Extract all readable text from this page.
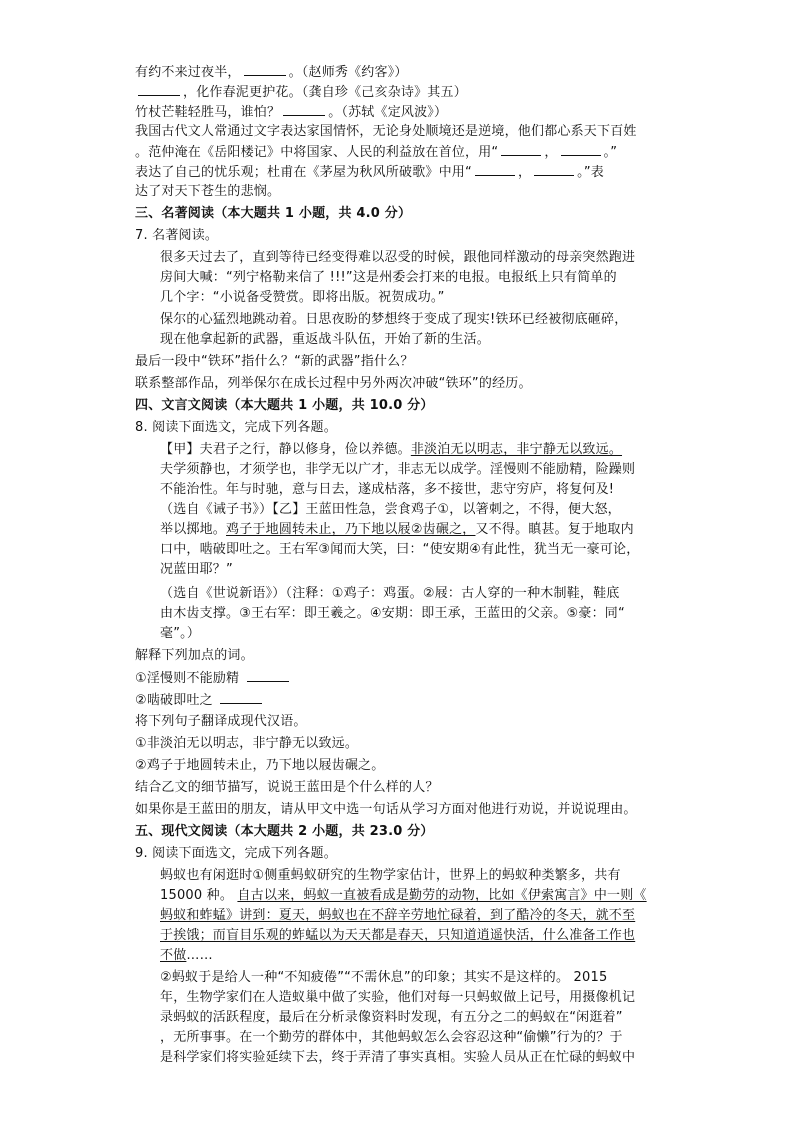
有约不来过夜半，	。（赵师秀《约客》）
，化作春泥更护花。（龚自珍《己亥杂诗》其五）
竹杖芒鞋轻胜马，谁怕？	。（苏轼《定风波》）
我国古代文人常通过文字表达家国情怀，无论身处顺境还是逆境，他们都心系天下百姓
。范仲淹在《岳阳楼记》中将国家、人民的利益放在首位，用“	，	。”
表达了自己的忧乐观；杜甫在《茅屋为秋风所破歌》中用“	，	。”表
达了对天下苍生的悲悯。
三、名著阅读（本大题共 1 小题，共 4.0 分）
7. 名著阅读。
很多天过去了，直到等待已经变得难以忍受的时候，跟他同样激动的母亲突然跑进
房间大喊：“列宁格勒来信了 !!!”这是州委会打来的电报。电报纸上只有简单的
几个字：“小说备受赞赏。即将出版。祝贺成功。”
保尔的心猛烈地跳动着。日思夜盼的梦想终于变成了现实!铁环已经被彻底砸碎，
现在他拿起新的武器，重返战斗队伍，开始了新的生活。
最后一段中“铁环”指什么？“新的武器”指什么？
联系整部作品，列举保尔在成长过程中另外两次冲破“铁环”的经历。
四、文言文阅读（本大题共 1 小题，共 10.0 分）
8. 阅读下面选文，完成下列各题。
【甲】夫君子之行，静以修身，俭以养德。非淡泊无以明志，非宁静无以致远。
夫学须静也，才须学也，非学无以广才，非志无以成学。淫慢则不能励精，险躁则
不能治性。年与时驰，意与日去，遂成枯落，多不接世，悲守穷庐，将复何及!
（选自《诫子书》）【乙】王蓝田性急，尝食鸡子①，以箸刺之，不得，便大怒，
举以掷地。鸡子于地圆转未止，乃下地以屐②齿碾之，又不得。瞋甚。复于地取内
口中，啮破即吐之。王右军③闻而大笑，曰：“使安期④有此性，犹当无一豪可论，
况蓝田耶？”
（选自《世说新语》）（注释：①鸡子：鸡蛋。②屐：古人穿的一种木制鞋，鞋底
由木齿支撑。③王右军：即王羲之。④安期：即王承，王蓝田的父亲。⑤豪：同“
毫”。）
解释下列加点的词。
①淫慢则不能励精
②啮破即吐之
将下列句子翻译成现代汉语。
①非淡泊无以明志，非宁静无以致远。
②鸡子于地圆转未止，乃下地以屐齿碾之。
结合乙文的细节描写，说说王蓝田是个什么样的人？
如果你是王蓝田的朋友，请从甲文中选一句话从学习方面对他进行劝说，并说说理由。
五、现代文阅读（本大题共 2 小题，共 23.0 分）
9. 阅读下面选文，完成下列各题。
蚂蚁也有闲逛时①侧重蚂蚁研究的生物学家估计，世界上的蚂蚁种类繁多，共有
15000 种。 自古以来，蚂蚁一直被看成是勤劳的动物，比如《伊索寓言》中一则《
蚂蚁和蚱蜢》讲到：夏天，蚂蚁也在不辞辛劳地忙碌着，到了酷冷的冬天，就不至
于挨饿；而盲目乐观的蚱蜢以为天天都是春天，只知道逍遥快活，什么准备工作也
不做……
②蚂蚁于是给人一种“不知疲倦”“不需休息”的印象；其实不是这样的。 2015
年，生物学家们在人造蚁巢中做了实验，他们对每一只蚂蚁做上记号，用摄像机记
录蚂蚁的活跃程度，最后在分析录像资料时发现，有五分之二的蚂蚁在“闲逛着”
，无所事事。在一个勤劳的群体中，其他蚂蚁怎么会容忍这种“偷懒”行为的？于
是科学家们将实验延续下去，终于弄清了事实真相。实验人员从正在忙碌的蚂蚁中
